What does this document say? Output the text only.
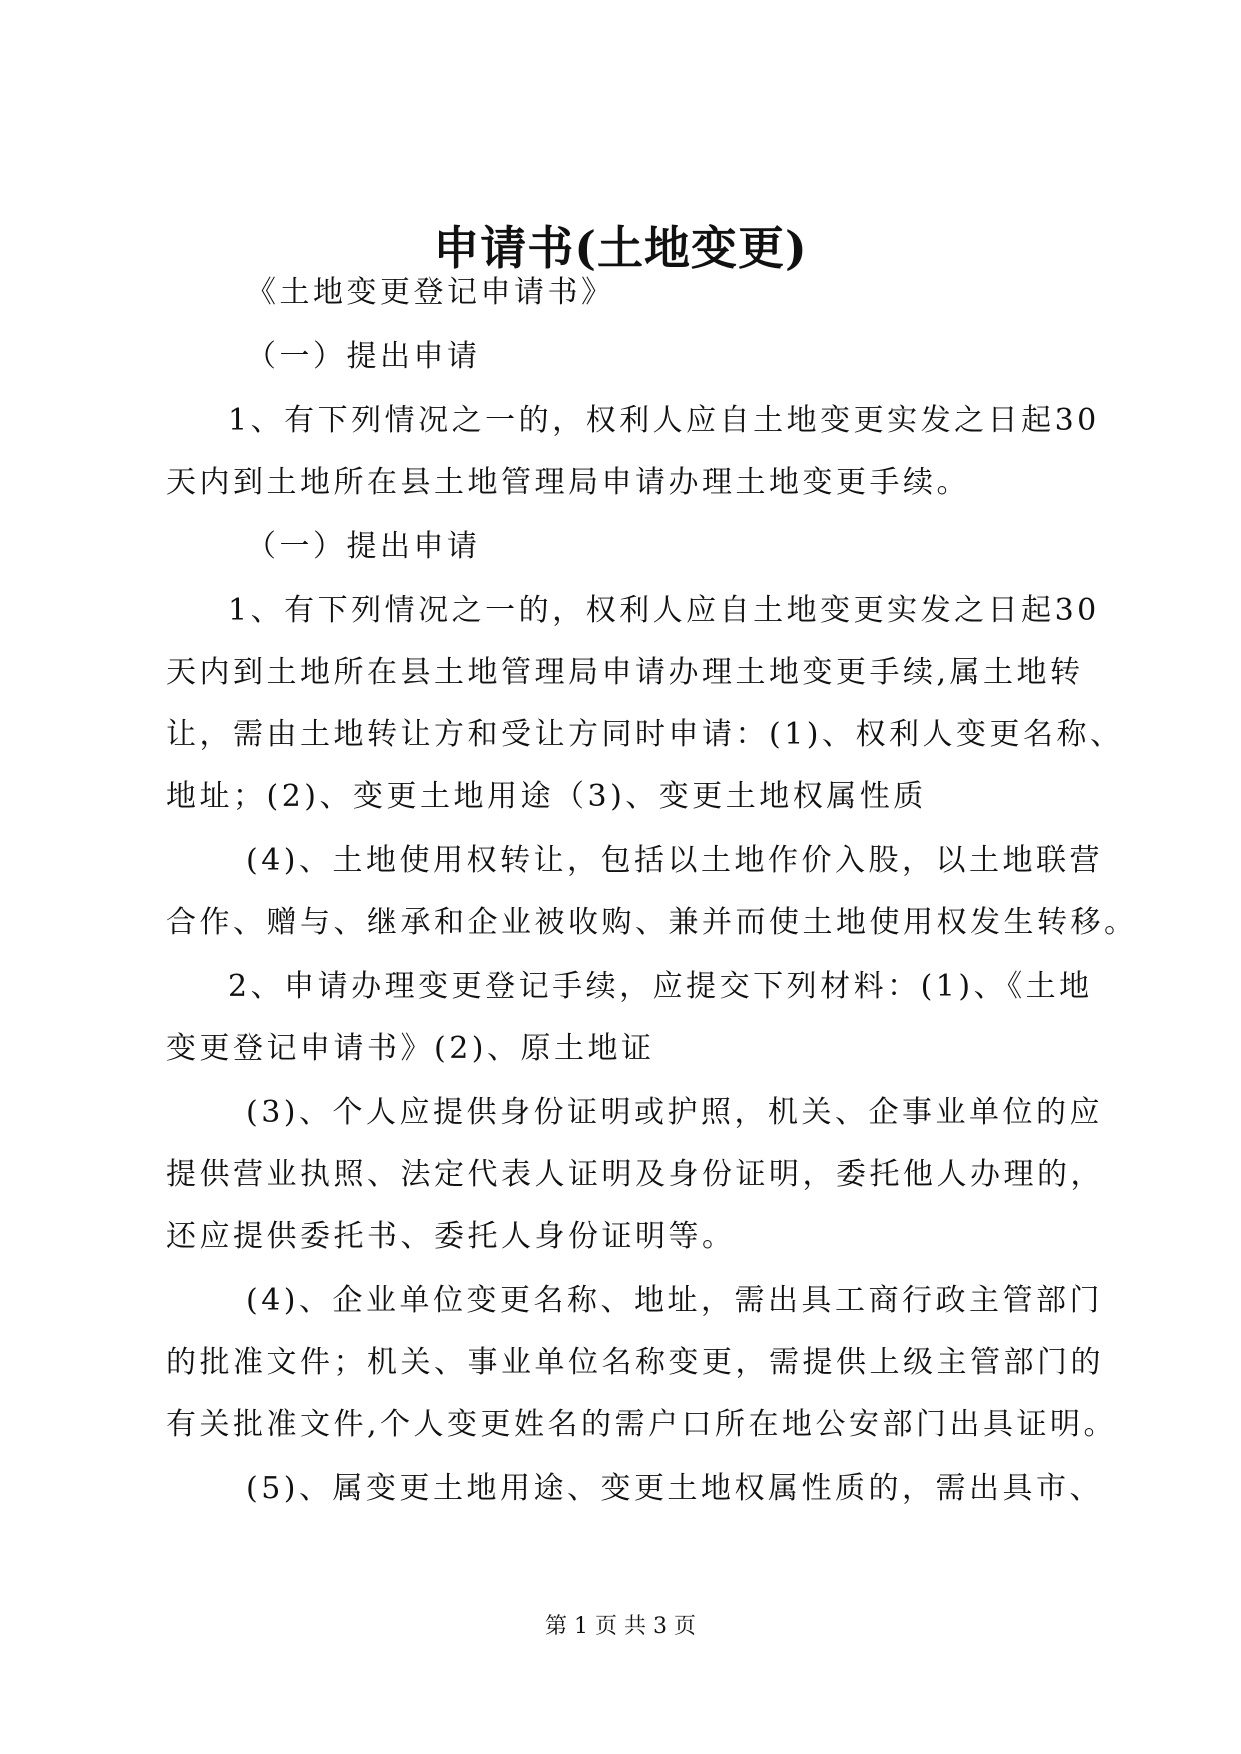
申请书(土地变更)
《土地变更登记申请书》
（一）提出申请
1、有下列情况之一的，权利人应自土地变更实发之日起30
天内到土地所在县土地管理局申请办理土地变更手续。
（一）提出申请
1、有下列情况之一的，权利人应自土地变更实发之日起30
天内到土地所在县土地管理局申请办理土地变更手续,属土地转
让，需由土地转让方和受让方同时申请：(1)、权利人变更名称、
地址；(2)、变更土地用途（3)、变更土地权属性质
(4)、土地使用权转让，包括以土地作价入股，以土地联营
合作、赠与、继承和企业被收购、兼并而使土地使用权发生转移。
2、申请办理变更登记手续，应提交下列材料：(1)、《土地
变更登记申请书》(2)、原土地证
(3)、个人应提供身份证明或护照，机关、企事业单位的应
提供营业执照、法定代表人证明及身份证明，委托他人办理的，
还应提供委托书、委托人身份证明等。
(4)、企业单位变更名称、地址，需出具工商行政主管部门
的批准文件；机关、事业单位名称变更，需提供上级主管部门的
有关批准文件,个人变更姓名的需户口所在地公安部门出具证明。
(5)、属变更土地用途、变更土地权属性质的，需出具市、
第 1 页 共 3 页
